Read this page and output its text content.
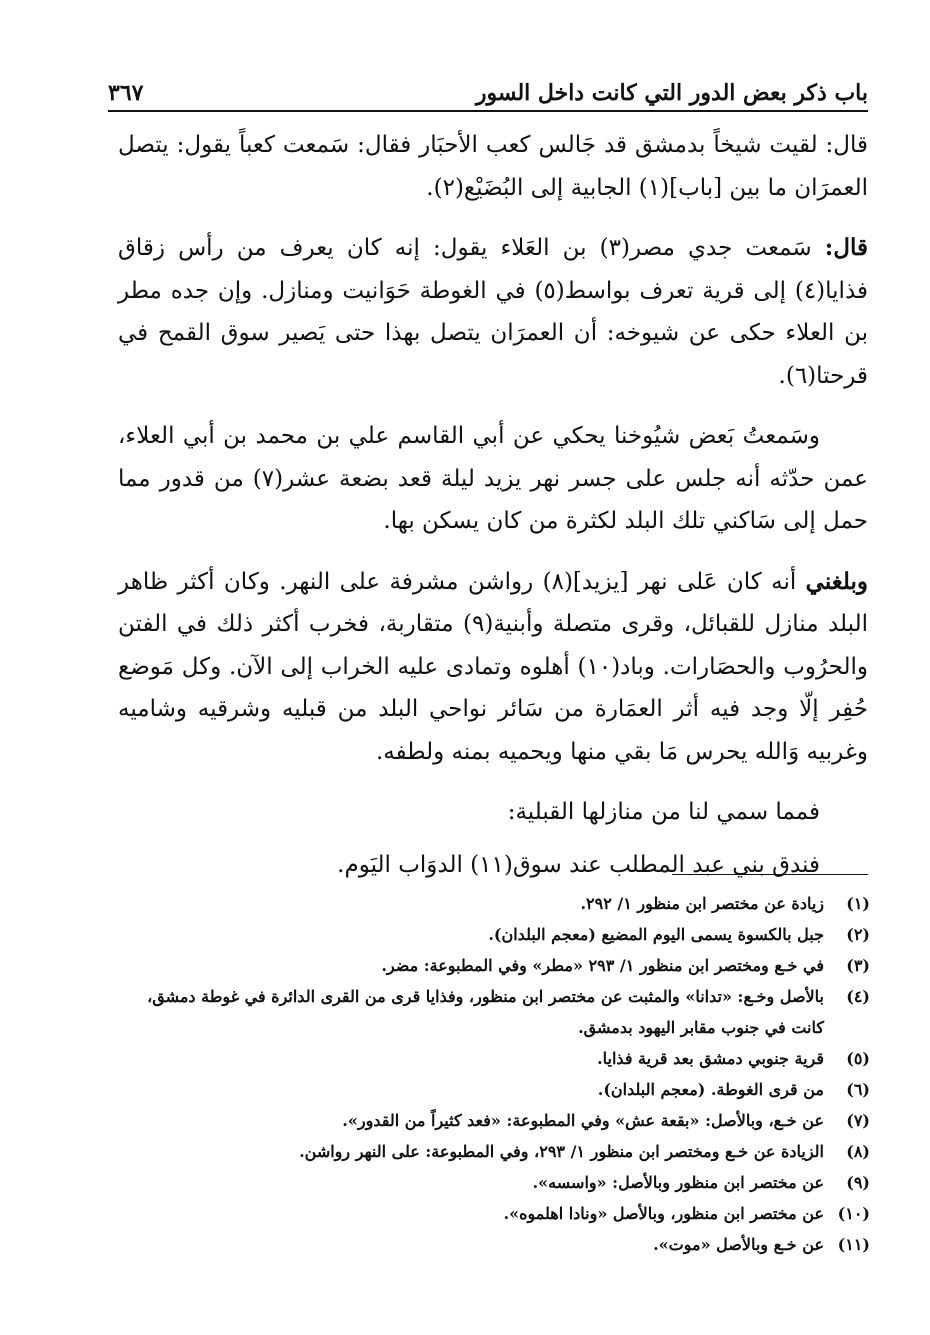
باب ذكر بعض الدور التي كانت داخل السور
٣٦٧

قال: لقيت شيخاً بدمشق قد جَالس كعب الأحبَار فقال: سَمعت كعباً يقول: يتصل العمرَان ما بين [باب](١) الجابية إلى البُضَيْع(٢).

قال: سَمعت جدي مصر(٣) بن العَلاء يقول: إنه كان يعرف من رأس زقاق فذايا(٤) إلى قرية تعرف بواسط(٥) في الغوطة حَوَانيت ومنازل. وإن جده مطر بن العلاء حكى عن شيوخه: أن العمرَان يتصل بهذا حتى يَصير سوق القمح في قرحتا(٦).

وسَمعتُ بَعض شيُوخنا يحكي عن أبي القاسم علي بن محمد بن أبي العلاء، عمن حدّثه أنه جلس على جسر نهر يزيد ليلة قعد بضعة عشر(٧) من قدور مما حمل إلى سَاكني تلك البلد لكثرة من كان يسكن بها.

وبلغني أنه كان عَلى نهر [يزيد](٨) رواشن مشرفة على النهر. وكان أكثر ظاهر البلد منازل للقبائل، وقرى متصلة وأبنية(٩) متقاربة، فخرب أكثر ذلك في الفتن والحرُوب والحصَارات. وباد(١٠) أهلوه وتمادى عليه الخراب إلى الآن. وكل مَوضع حُفِر إلّا وجد فيه أثر العمَارة من سَائر نواحي البلد من قبليه وشرقيه وشاميه وغربيه وَالله يحرس مَا بقي منها ويحميه بمنه ولطفه.

فمما سمي لنا من منازلها القبلية:

فندق بني عبد المطلب عند سوق(١١) الدوَاب اليَوم.

(١)
زيادة عن مختصر ابن منظور ١/ ٢٩٢.
(٢)
جبل بالكسوة يسمى اليوم المضيع (معجم البلدان).
(٣)
في خـع ومختصر ابن منظور ١/ ٢٩٣ «مطر» وفي المطبوعة: مضر.
(٤)
بالأصل وخـع: «تدانا» والمثبت عن مختصر ابن منظور، وفذايا قرى من القرى الدائرة في غوطة دمشق، كانت في جنوب مقابر اليهود بدمشق.
(٥)
قرية جنوبي دمشق بعد قرية فذايا.
(٦)
من قرى الغوطة. (معجم البلدان).
(٧)
عن خـع، وبالأصل: «بقعة عش» وفي المطبوعة: «فعد كثيراً من القدور».
(٨)
الزيادة عن خـع ومختصر ابن منظور ١/ ٢٩٣، وفي المطبوعة: على النهر رواشن.
(٩)
عن مختصر ابن منظور وبالأصل: «واسسه».
(١٠)
عن مختصر ابن منظور، وبالأصل «ونادا اهلموه».
(١١)
عن خـع وبالأصل «موت».
